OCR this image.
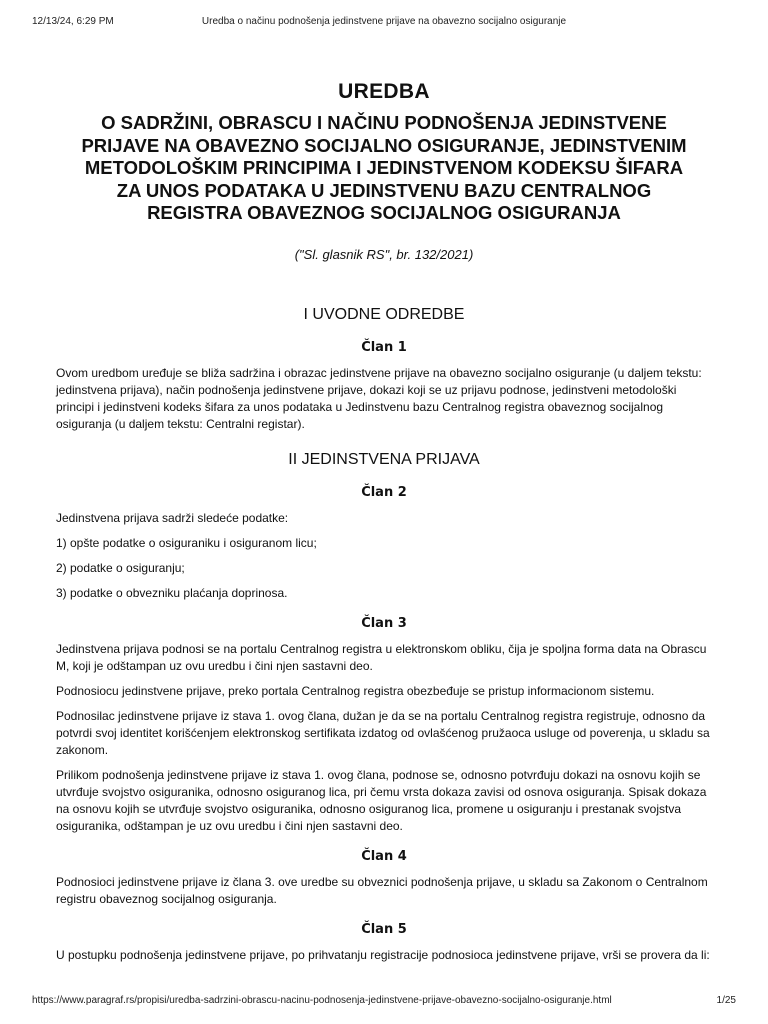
12/13/24, 6:29 PM	Uredba o načinu podnošenja jedinstvene prijave na obavezno socijalno osiguranje
UREDBA
O SADRŽINI, OBRASCU I NAČINU PODNOŠENJA JEDINSTVENE PRIJAVE NA OBAVEZNO SOCIJALNO OSIGURANJE, JEDINSTVENIM METODOLOŠKIM PRINCIPIMA I JEDINSTVENOM KODEKSU ŠIFARA ZA UNOS PODATAKA U JEDINSTVENU BAZU CENTRALNOG REGISTRA OBAVEZNOG SOCIJALNOG OSIGURANJA
("Sl. glasnik RS", br. 132/2021)
I UVODNE ODREDBE
Član 1

Ovom uredbom uređuje se bliža sadržina i obrazac jedinstvene prijave na obavezno socijalno osiguranje (u daljem tekstu: jedinstvena prijava), način podnošenja jedinstvene prijave, dokazi koji se uz prijavu podnose, jedinstveni metodološki principi i jedinstveni kodeks šifara za unos podataka u Jedinstvenu bazu Centralnog registra obaveznog socijalnog osiguranja (u daljem tekstu: Centralni registar).

II JEDINSTVENA PRIJAVA
Član 2

Jedinstvena prijava sadrži sledeće podatke:

1) opšte podatke o osiguraniku i osiguranom licu;

2) podatke o osiguranju;

3) podatke o obvezniku plaćanja doprinosa.

Član 3

Jedinstvena prijava podnosi se na portalu Centralnog registra u elektronskom obliku, čija je spoljna forma data na Obrascu M, koji je odštampan uz ovu uredbu i čini njen sastavni deo.

Podnosiocu jedinstvene prijave, preko portala Centralnog registra obezbeđuje se pristup informacionom sistemu.

Podnosilac jedinstvene prijave iz stava 1. ovog člana, dužan je da se na portalu Centralnog registra registruje, odnosno da potvrdi svoj identitet korišćenjem elektronskog sertifikata izdatog od ovlašćenog pružaoca usluge od poverenja, u skladu sa zakonom.

Prilikom podnošenja jedinstvene prijave iz stava 1. ovog člana, podnose se, odnosno potvrđuju dokazi na osnovu kojih se utvrđuje svojstvo osiguranika, odnosno osiguranog lica, pri čemu vrsta dokaza zavisi od osnova osiguranja. Spisak dokaza na osnovu kojih se utvrđuje svojstvo osiguranika, odnosno osiguranog lica, promene u osiguranju i prestanak svojstva osiguranika, odštampan je uz ovu uredbu i čini njen sastavni deo.

Član 4

Podnosioci jedinstvene prijave iz člana 3. ove uredbe su obveznici podnošenja prijave, u skladu sa Zakonom o Centralnom registru obaveznog socijalnog osiguranja.

Član 5

U postupku podnošenja jedinstvene prijave, po prihvatanju registracije podnosioca jedinstvene prijave, vrši se provera da li:

https://www.paragraf.rs/propisi/uredba-sadrzini-obrascu-nacinu-podnosenja-jedinstvene-prijave-obavezno-socijalno-osiguranje.html	1/25
